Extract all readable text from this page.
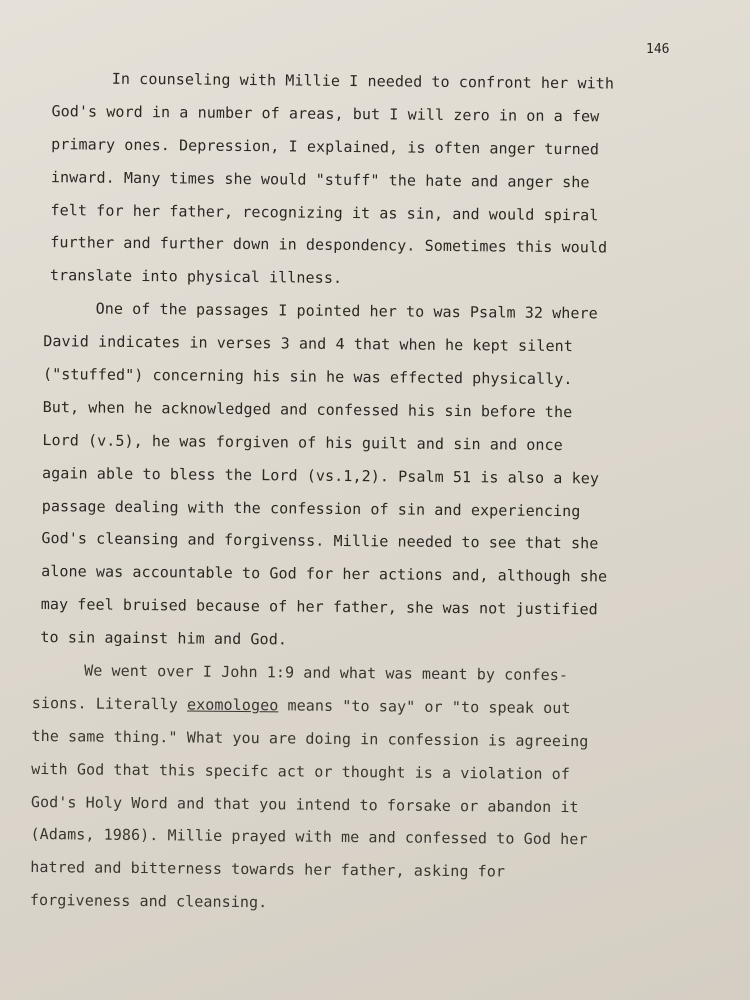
146
In counseling with Millie I needed to confront her with
God's word in a number of areas, but I will zero in on a few
primary ones. Depression, I explained, is often anger turned
inward. Many times she would "stuff" the hate and anger she
felt for her father, recognizing it as sin, and would spiral
further and further down in despondency. Sometimes this would
translate into physical illness.
One of the passages I pointed her to was Psalm 32 where
David indicates in verses 3 and 4 that when he kept silent
("stuffed") concerning his sin he was effected physically.
But, when he acknowledged and confessed his sin before the
Lord (v.5), he was forgiven of his guilt and sin and once
again able to bless the Lord (vs.1,2). Psalm 51 is also a key
passage dealing with the confession of sin and experiencing
God's cleansing and forgivenss. Millie needed to see that she
alone was accountable to God for her actions and, although she
may feel bruised because of her father, she was not justified
to sin against him and God.
We went over I John 1:9 and what was meant by confes-
sions. Literally exomologeo means "to say" or "to speak out
the same thing." What you are doing in confession is agreeing
with God that this specifc act or thought is a violation of
God's Holy Word and that you intend to forsake or abandon it
(Adams, 1986). Millie prayed with me and confessed to God her
hatred and bitterness towards her father, asking for
forgiveness and cleansing.
